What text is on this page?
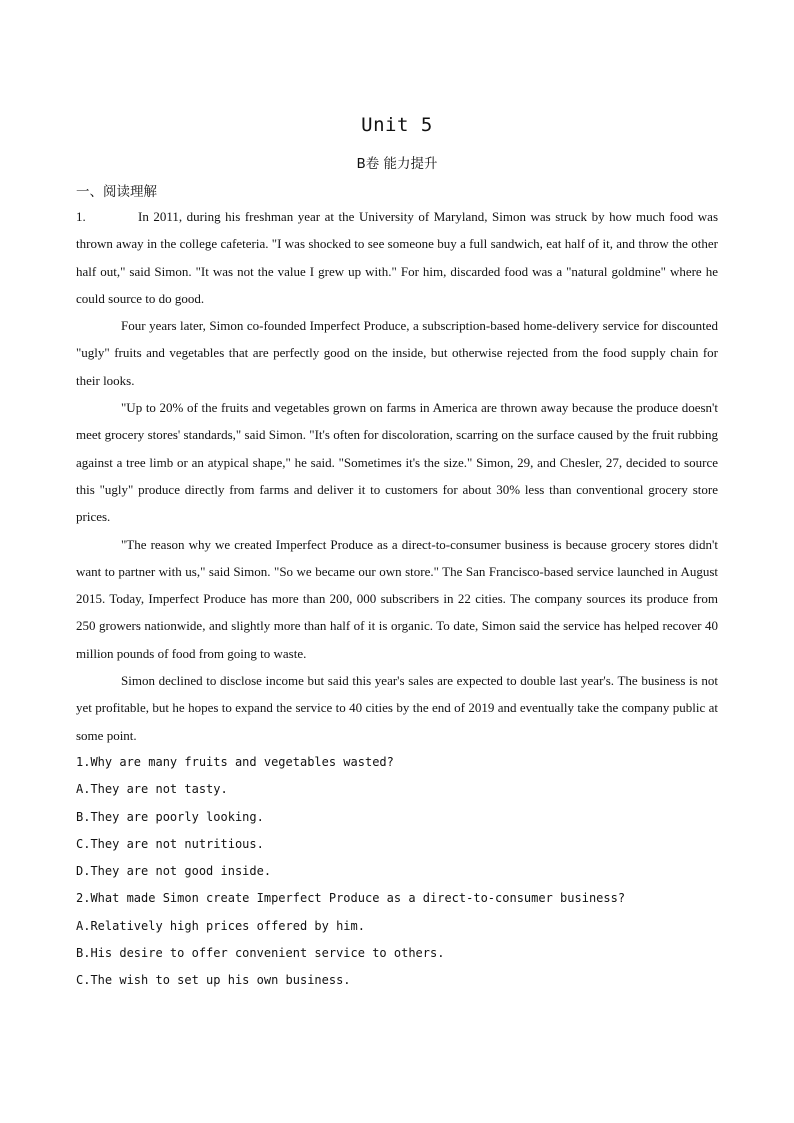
Unit 5
B卷 能力提升
一、阅读理解

1.	In 2011, during his freshman year at the University of Maryland, Simon was struck by how much food was thrown away in the college cafeteria. "I was shocked to see someone buy a full sandwich, eat half of it, and throw the other half out," said Simon. "It was not the value I grew up with." For him, discarded food was a "natural goldmine" where he could source to do good.

Four years later, Simon co-founded Imperfect Produce, a subscription-based home-delivery service for discounted "ugly" fruits and vegetables that are perfectly good on the inside, but otherwise rejected from the food supply chain for their looks.

"Up to 20% of the fruits and vegetables grown on farms in America are thrown away because the produce doesn't meet grocery stores' standards," said Simon. "It's often for discoloration, scarring on the surface caused by the fruit rubbing against a tree limb or an atypical shape," he said. "Sometimes it's the size." Simon, 29, and Chesler, 27, decided to source this "ugly" produce directly from farms and deliver it to customers for about 30% less than conventional grocery store prices.

"The reason why we created Imperfect Produce as a direct-to-consumer business is because grocery stores didn't want to partner with us," said Simon. "So we became our own store." The San Francisco-based service launched in August 2015. Today, Imperfect Produce has more than 200, 000 subscribers in 22 cities. The company sources its produce from 250 growers nationwide, and slightly more than half of it is organic. To date, Simon said the service has helped recover 40 million pounds of food from going to waste.

Simon declined to disclose income but said this year's sales are expected to double last year's. The business is not yet profitable, but he hopes to expand the service to 40 cities by the end of 2019 and eventually take the company public at some point.

1.Why are many fruits and vegetables wasted?

A.They are not tasty.

B.They are poorly looking.

C.They are not nutritious.

D.They are not good inside.

2.What made Simon create Imperfect Produce as a direct-to-consumer business?

A.Relatively high prices offered by him.

B.His desire to offer convenient service to others.

C.The wish to set up his own business.
